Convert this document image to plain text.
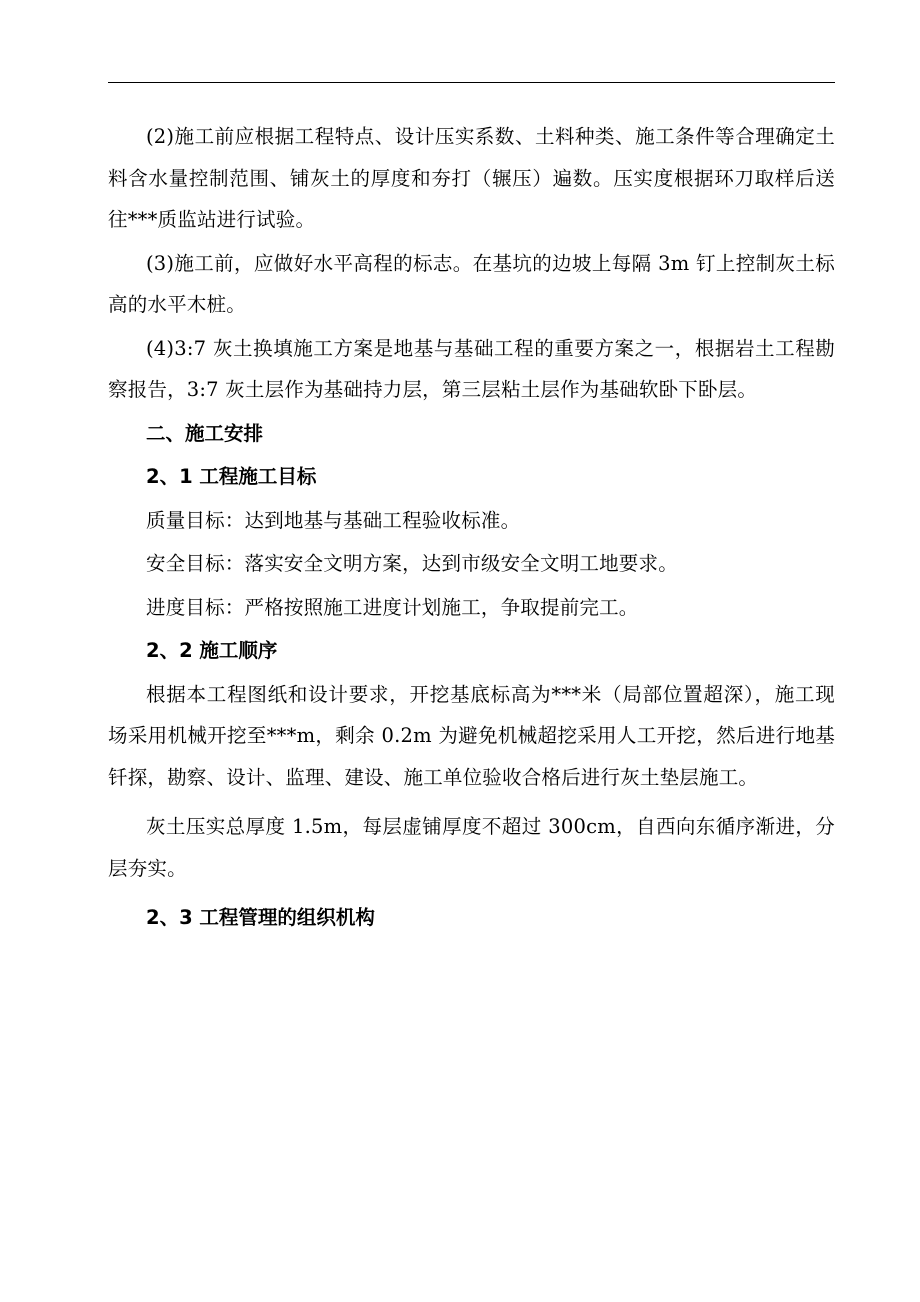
(2)施工前应根据工程特点、设计压实系数、土料种类、施工条件等合理确定土料含水量控制范围、铺灰土的厚度和夯打（辗压）遍数。压实度根据环刀取样后送往***质监站进行试验。

(3)施工前，应做好水平高程的标志。在基坑的边坡上每隔 3m 钉上控制灰土标高的水平木桩。

(4)3:7 灰土换填施工方案是地基与基础工程的重要方案之一，根据岩土工程勘察报告，3:7 灰土层作为基础持力层，第三层粘土层作为基础软卧下卧层。

二、施工安排

2、1 工程施工目标

质量目标：达到地基与基础工程验收标准。

安全目标：落实安全文明方案，达到市级安全文明工地要求。

进度目标：严格按照施工进度计划施工，争取提前完工。

2、2 施工顺序

根据本工程图纸和设计要求，开挖基底标高为***米（局部位置超深），施工现场采用机械开挖至***m，剩余 0.2m 为避免机械超挖采用人工开挖，然后进行地基钎探，勘察、设计、监理、建设、施工单位验收合格后进行灰土垫层施工。

灰土压实总厚度 1.5m，每层虚铺厚度不超过 300cm，自西向东循序渐进，分层夯实。

2、3 工程管理的组织机构
